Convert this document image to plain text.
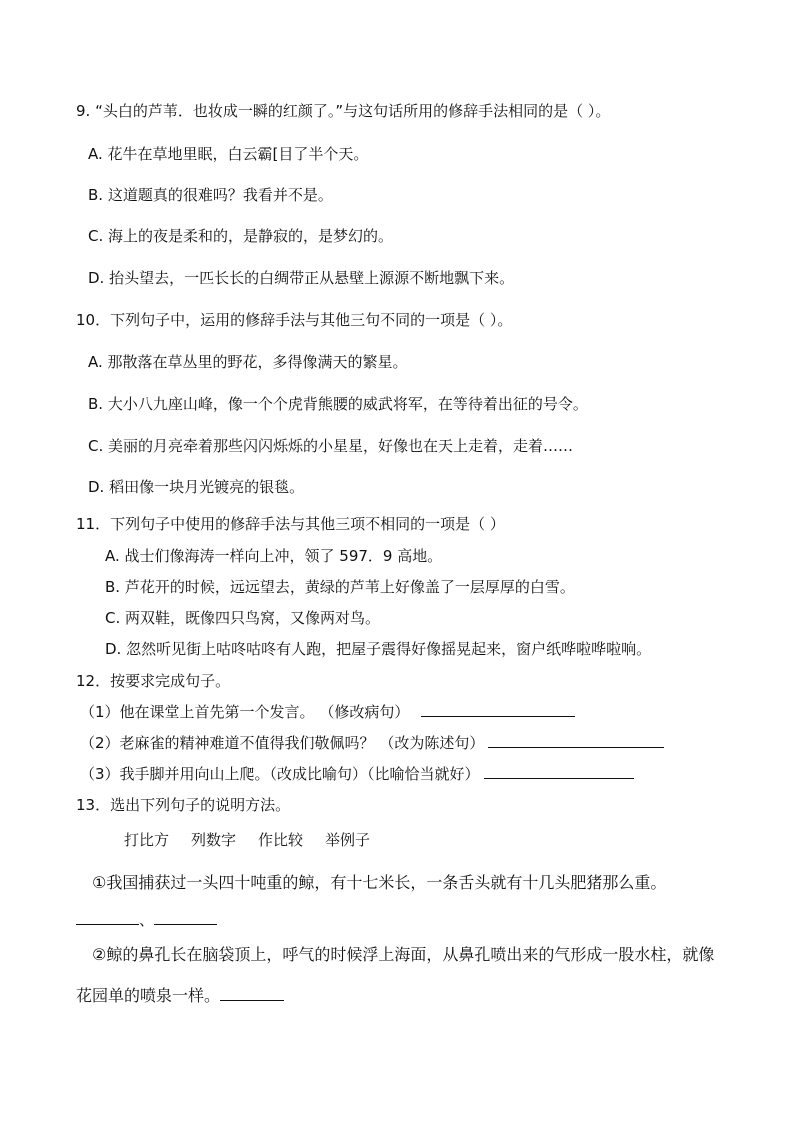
9. “头白的芦苇．也妆成一瞬的红颜了。”与这句话所用的修辞手法相同的是（ ）。
A. 花牛在草地里眠，白云霸[目了半个天。
B. 这道题真的很难吗？我看并不是。
C. 海上的夜是柔和的，是静寂的，是梦幻的。
D. 抬头望去，一匹长长的白绸带正从悬壁上源源不断地飘下来。
10．下列句子中，运用的修辞手法与其他三句不同的一项是（ ）。
A. 那散落在草丛里的野花，多得像满天的繁星。
B. 大小八九座山峰，像一个个虎背熊腰的威武将军，在等待着出征的号令。
C. 美丽的月亮牵着那些闪闪烁烁的小星星，好像也在天上走着，走着……
D. 稻田像一块月光镀亮的银毯。
11．下列句子中使用的修辞手法与其他三项不相同的一项是（ ）
A. 战士们像海涛一样向上冲，领了 597．9 高地。
B. 芦花开的时候，远远望去，黄绿的芦苇上好像盖了一层厚厚的白雪。
C. 两双鞋，既像四只鸟窝，又像两对鸟。
D. 忽然听见街上咕咚咕咚有人跑，把屋子震得好像摇晃起来，窗户纸哗啦哗啦响。
12．按要求完成句子。
（1）他在课堂上首先第一个发言。 （修改病句）
（2）老麻雀的精神难道不值得我们敬佩吗？ （改为陈述句）
（3）我手脚并用向山上爬。（改成比喻句）（比喻恰当就好）
13．选出下列句子的说明方法。
打比方 列数字 作比较 举例子
①我国捕获过一头四十吨重的鲸，有十七米长，一条舌头就有十几头肥猪那么重。
、
②鲸的鼻孔长在脑袋顶上，呼气的时候浮上海面，从鼻孔喷出来的气形成一股水柱，就像
花园单的喷泉一样。
